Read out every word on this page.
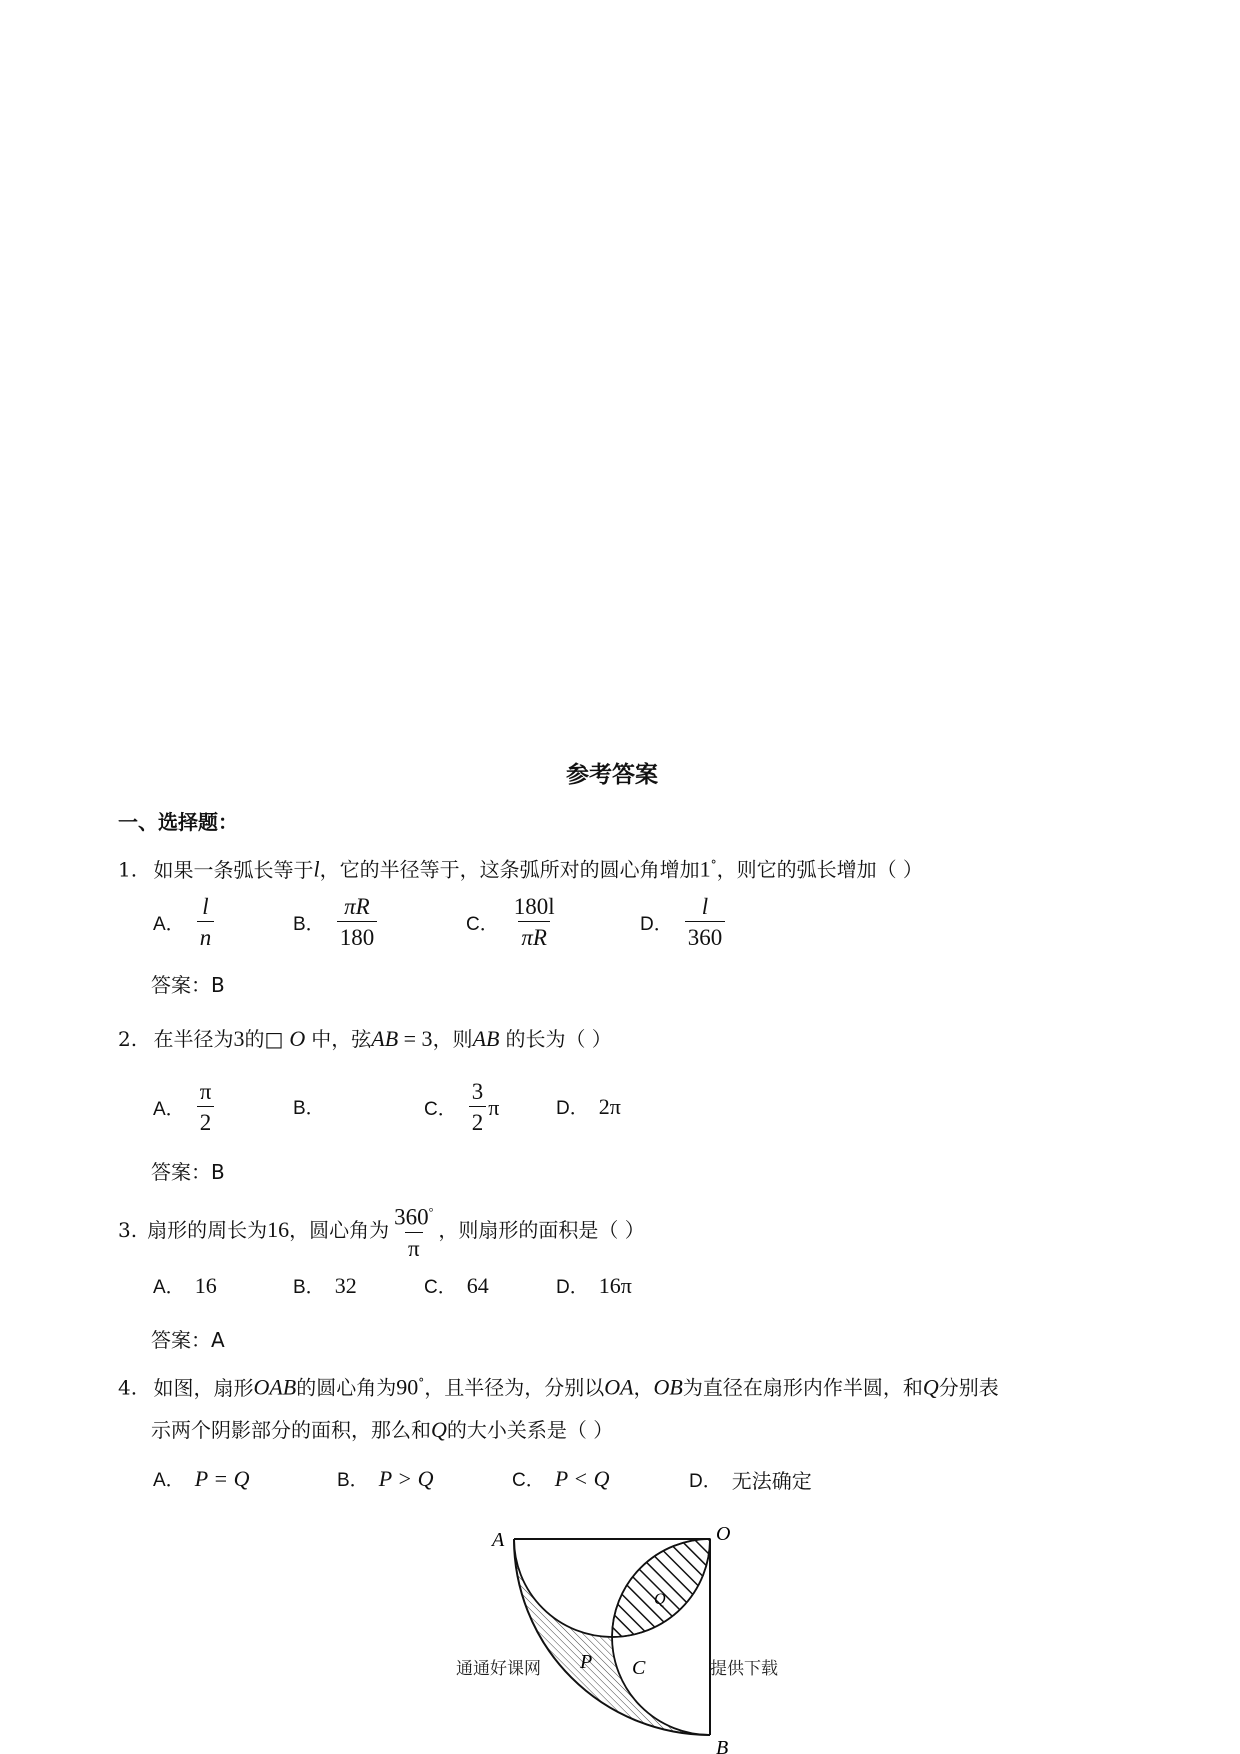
参考答案
一、选择题：
1. 如果一条弧长等于l，它的半径等于，这条弧所对的圆心角增加1°，则它的弧长增加（ ）
A． $\frac{l}{n}$	B． $\frac{\pi R}{180}$	C． $\frac{180l}{\pi R}$	D． $\frac{l}{360}$
答案：B
2. 在半径为3的□ O 中，弦AB = 3，则AB 的长为（ ）
A． $\frac{\pi}{2}$	B．	C． $\frac{3}{2}$ π	D． 2π
答案：B
3. 扇形的周长为 16 ，圆心角为 $\frac{360^\circ}{\pi}$ ，则扇形的面积是（ ）
A． 16	B． 32	C． 64	D． 16π
答案：A
4. 如图，扇形OAB的圆心角为90°，且半径为，分别以OA，OB为直径在扇形内作半圆，和Q分别表
示两个阴影部分的面积，那么和Q的大小关系是（ ）
A． P = Q	B． P > Q	C． P < Q	D． 无法确定
A	O
B
C
P
Q
通通好课网	提供下载
